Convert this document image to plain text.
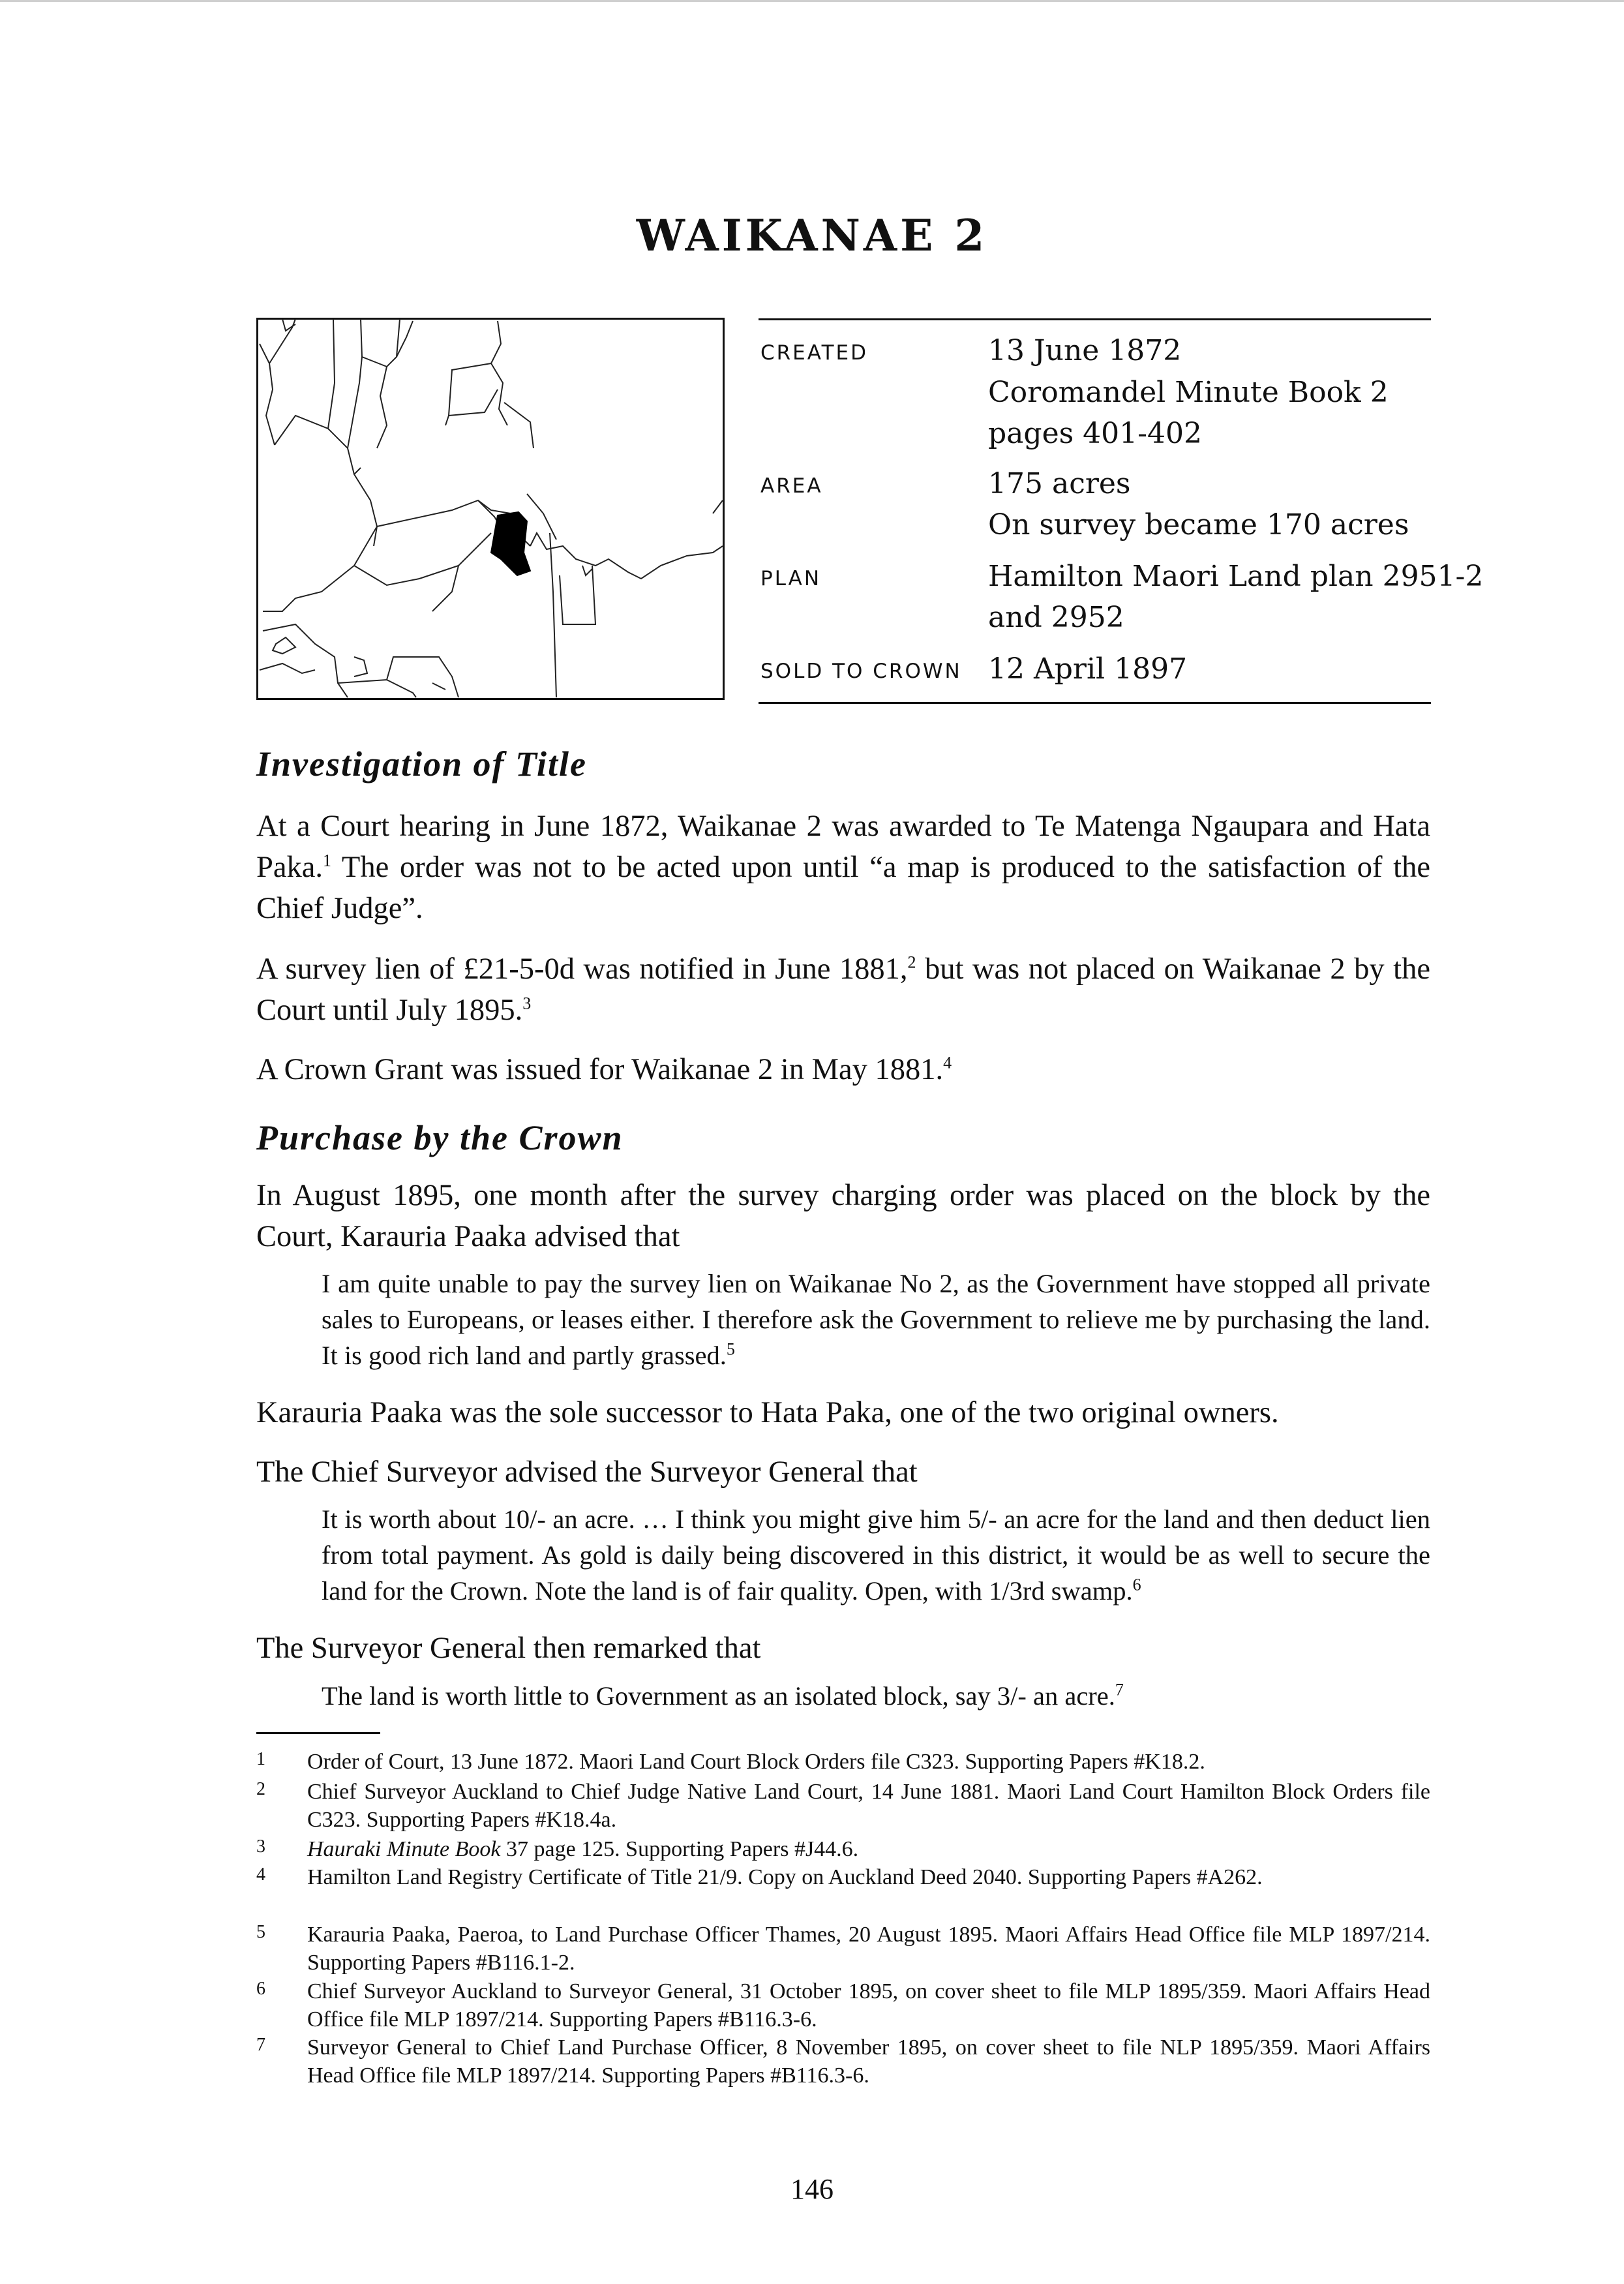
WAIKANAE 2
CREATED	13 June 1872
Coromandel Minute Book 2
pages 401-402
AREA	175 acres
On survey became 170 acres
PLAN	Hamilton Maori Land plan 2951-2
and 2952
SOLD TO CROWN 12 April 1897
Investigation of Title

At a Court hearing in June 1872, Waikanae 2 was awarded to Te Matenga Ngaupara and Hata Paka.$^1$ The order was not to be acted upon until “a map is produced to the satisfaction of the Chief Judge”.

A survey lien of £21-5-0d was notified in June 1881,$^2$ but was not placed on Waikanae 2 by the Court until July 1895.$^3$

A Crown Grant was issued for Waikanae 2 in May 1881.$^4$

Purchase by the Crown

In August 1895, one month after the survey charging order was placed on the block by the Court, Karauria Paaka advised that

I am quite unable to pay the survey lien on Waikanae No 2, as the Government have stopped all private sales to Europeans, or leases either. I therefore ask the Government to relieve me by purchasing the land. It is good rich land and partly grassed.$^5$

Karauria Paaka was the sole successor to Hata Paka, one of the two original owners.

The Chief Surveyor advised the Surveyor General that

It is worth about 10/- an acre. … I think you might give him 5/- an acre for the land and then deduct lien from total payment. As gold is daily being discovered in this district, it would be as well to secure the land for the Crown. Note the land is of fair quality. Open, with 1/3rd swamp.$^6$

The Surveyor General then remarked that

The land is worth little to Government as an isolated block, say 3/- an acre.$^7$

1 Order of Court, 13 June 1872. Maori Land Court Block Orders file C323. Supporting Papers #K18.2.
2 Chief Surveyor Auckland to Chief Judge Native Land Court, 14 June 1881. Maori Land Court Hamilton Block Orders file C323. Supporting Papers #K18.4a.
3 Hauraki Minute Book 37 page 125. Supporting Papers #J44.6.
4 Hamilton Land Registry Certificate of Title 21/9. Copy on Auckland Deed 2040. Supporting Papers #A262.
5 Karauria Paaka, Paeroa, to Land Purchase Officer Thames, 20 August 1895. Maori Affairs Head Office file MLP 1897/214. Supporting Papers #B116.1-2.
6 Chief Surveyor Auckland to Surveyor General, 31 October 1895, on cover sheet to file MLP 1895/359. Maori Affairs Head Office file MLP 1897/214. Supporting Papers #B116.3-6.
7 Surveyor General to Chief Land Purchase Officer, 8 November 1895, on cover sheet to file NLP 1895/359. Maori Affairs Head Office file MLP 1897/214. Supporting Papers #B116.3-6.
146
